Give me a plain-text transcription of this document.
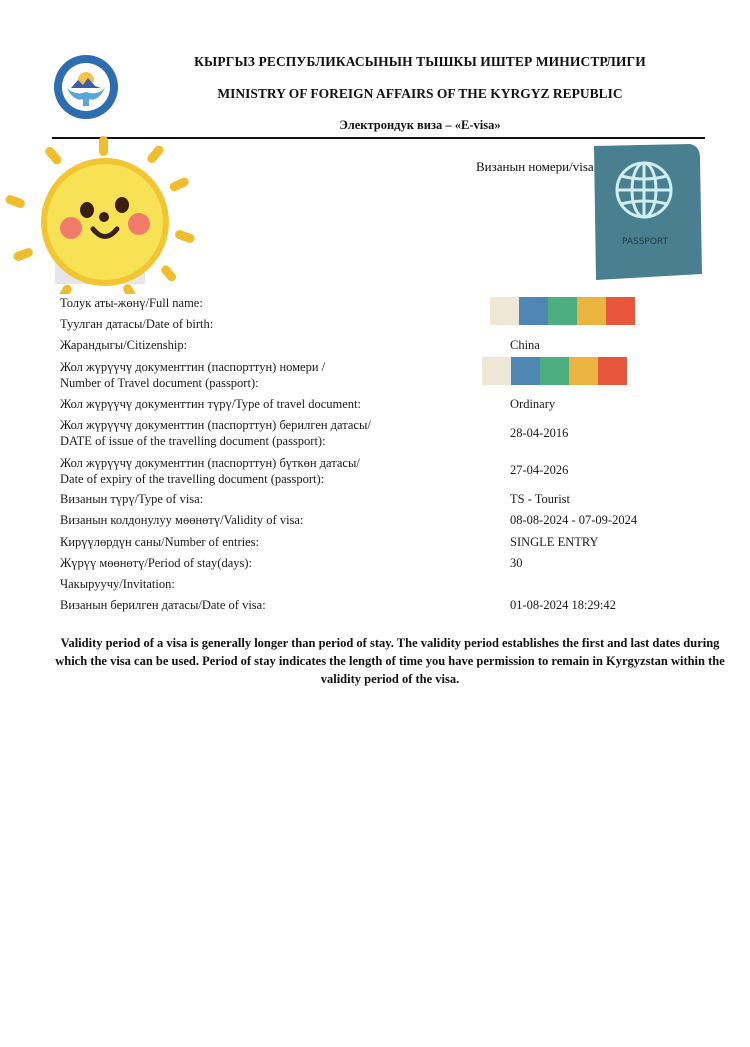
КЫРГЫЗ РЕСПУБЛИКАСЫНЫН ТЫШКЫ ИШТЕР МИНИСТРЛИГИ
MINISTRY OF FOREIGN AFFAIRS OF THE KYRGYZ REPUBLIC
Электрондук виза – «E-visa»
Визанын номери/visa
Толук аты-жөнү/Full name:
Туулган датасы/Date of birth:
Жарандыгы/Citizenship:
Жол жүрүүчү документтин (паспорттун) номери /
Number of Travel document (passport):
Жол жүрүүчү документтин түрү/Type of travel document:
Жол жүрүүчү документтин (паспорттун) берилген датасы/
DATE of issue of the travelling document (passport):
Жол жүрүүчү документтин (паспорттун) бүткөн датасы/
Date of expiry of the travelling document (passport):
Визанын түрү/Type of visa:
Визанын колдонулуу мөөнөтү/Validity of visa:
Кирүүлөрдүн саны/Number of entries:
Жүрүү мөөнөтү/Period of stay(days):
Чакыруучу/Invitation:
Визанын берилген датасы/Date of visa:
China
Ordinary
28-04-2016
27-04-2026
TS - Tourist
08-08-2024 - 07-09-2024
SINGLE ENTRY
30
01-08-2024 18:29:42
Validity period of a visa is generally longer than period of stay. The validity period establishes the first and last dates during which the visa can be used. Period of stay indicates the length of time you have permission to remain in Kyrgyzstan within the validity period of the visa.
PASSPORT
